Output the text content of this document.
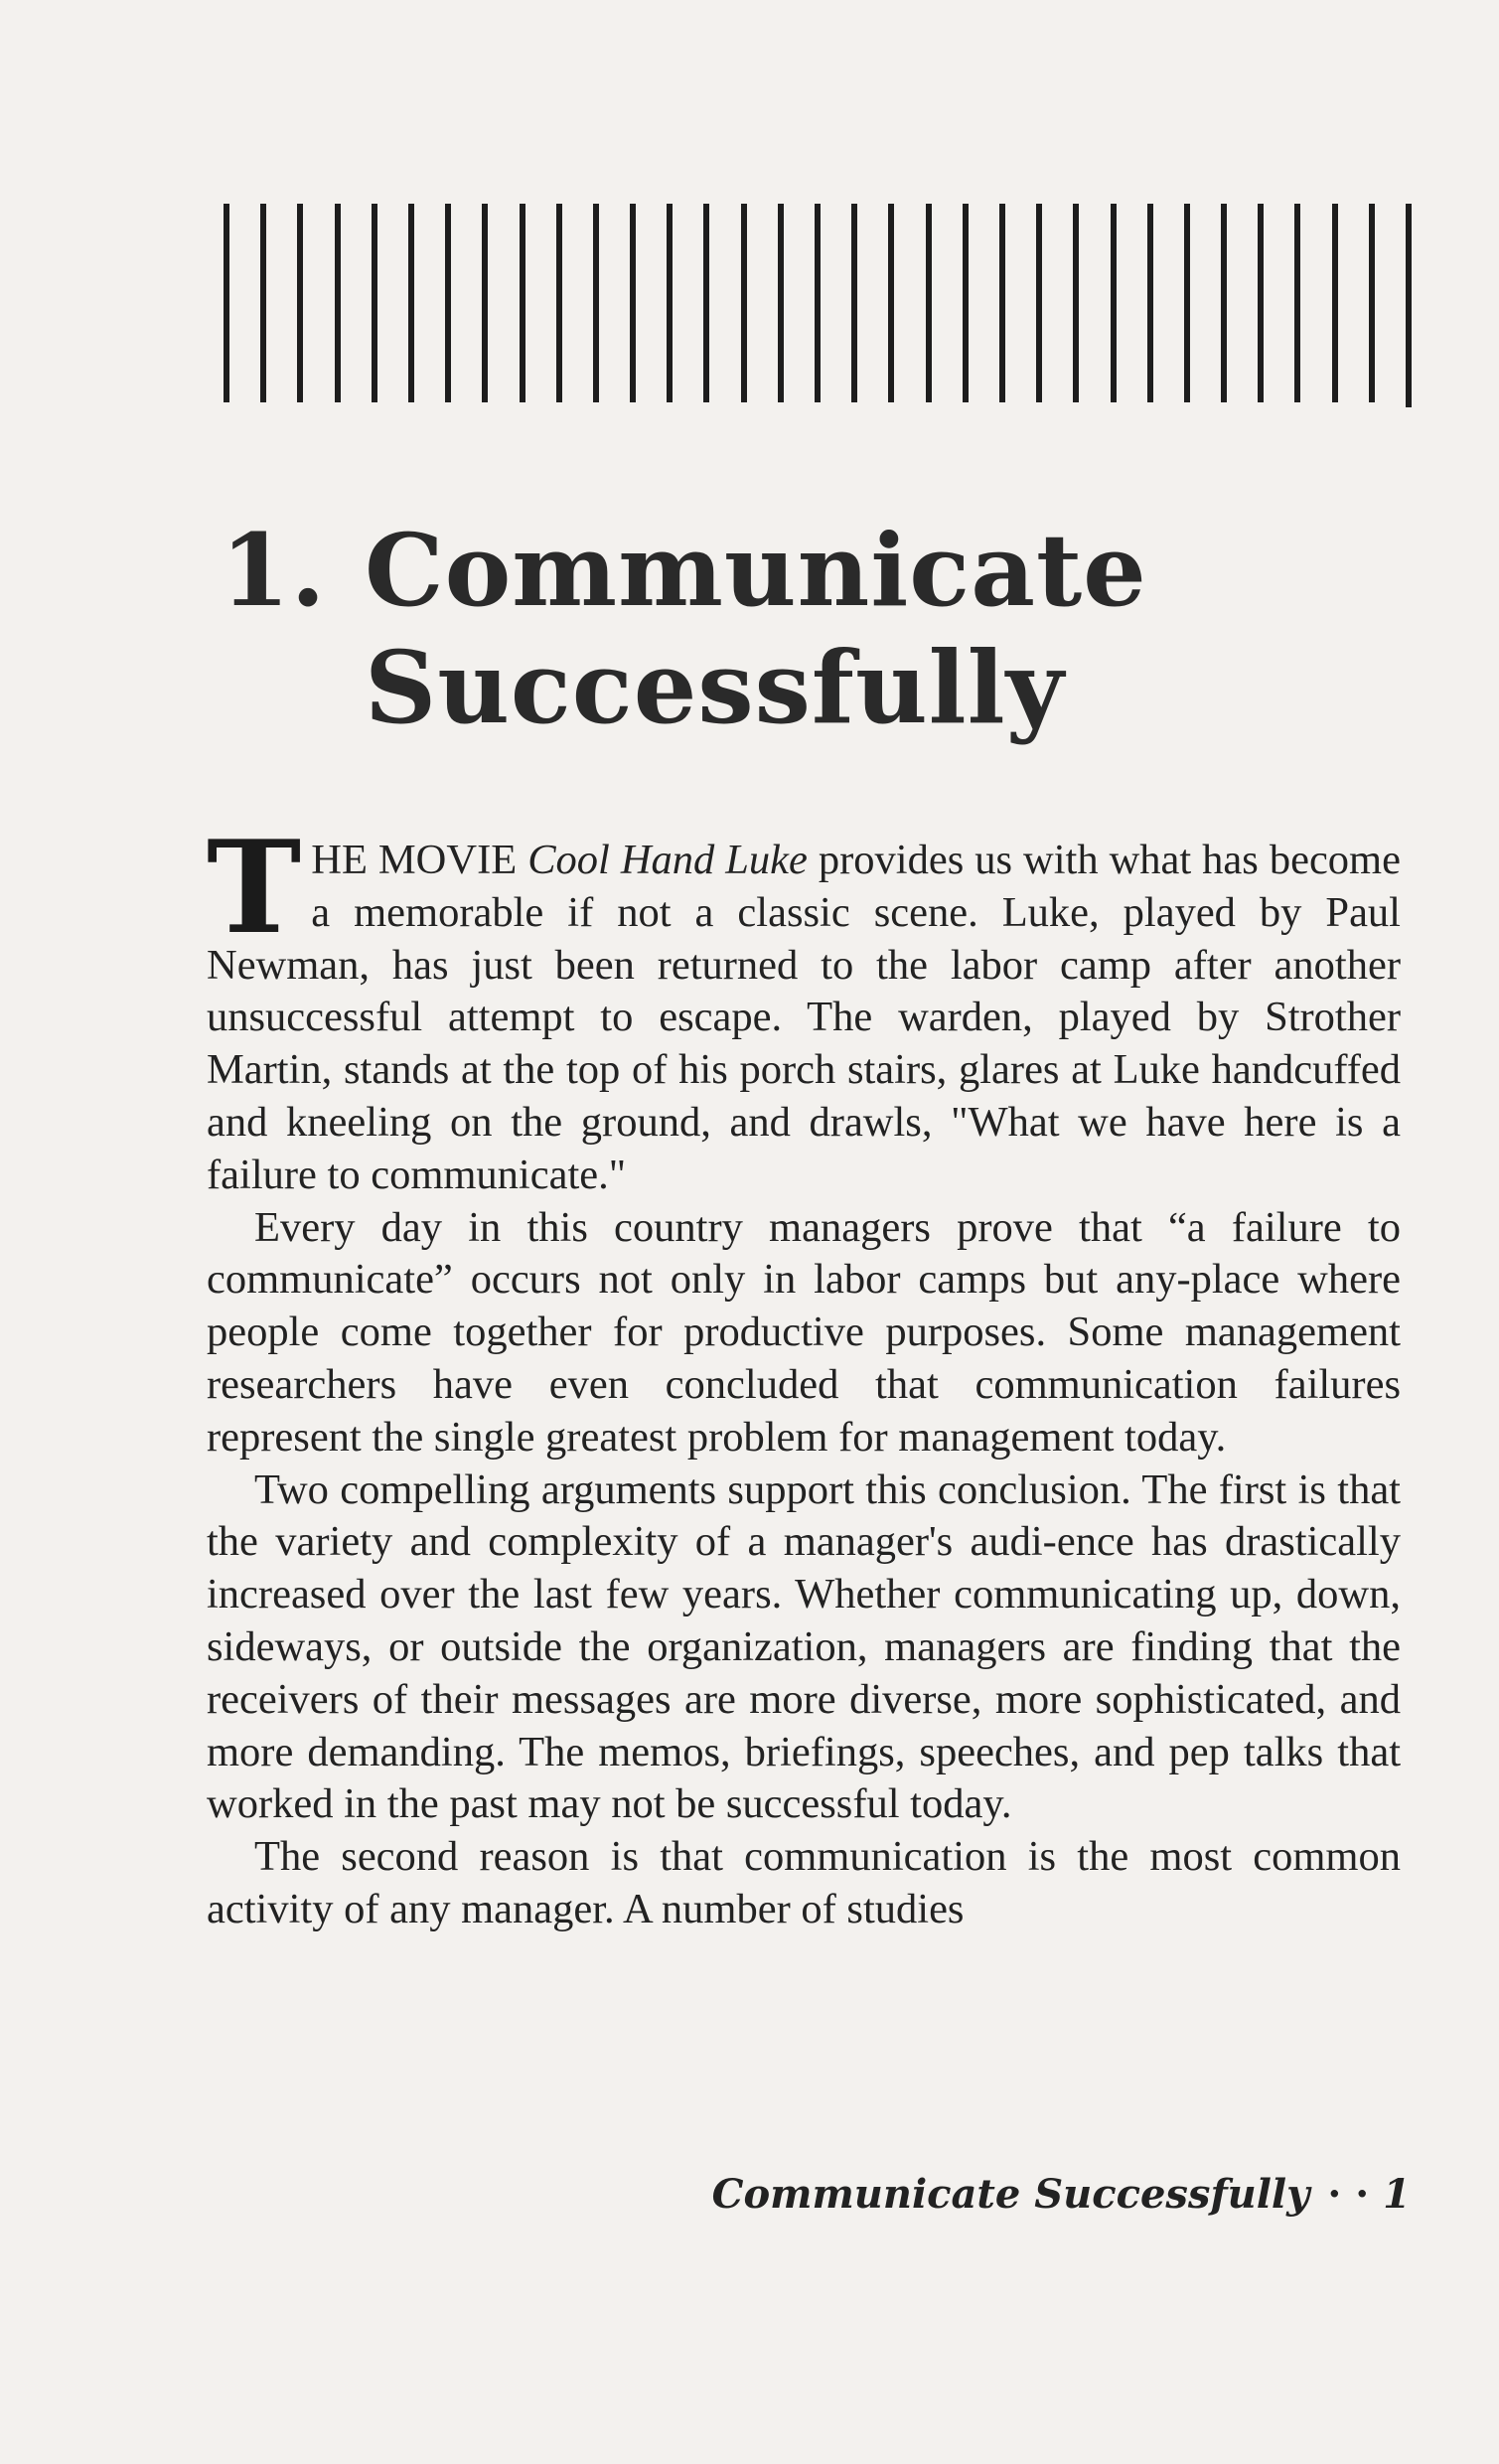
1. Communicate
Successfully

THE MOVIE Cool Hand Luke provides us with what has become a memorable if not a classic scene. Luke, played by Paul Newman, has just been returned to the labor camp after another unsuccessful attempt to escape. The warden, played by Strother Martin, stands at the top of his porch stairs, glares at Luke handcuffed and kneeling on the ground, and drawls, "What we have here is a failure to communicate."

Every day in this country managers prove that “a failure to communicate” occurs not only in labor camps but any-place where people come together for productive purposes. Some management researchers have even concluded that communication failures represent the single greatest problem for management today.

Two compelling arguments support this conclusion. The first is that the variety and complexity of a manager's audi-ence has drastically increased over the last few years. Whether communicating up, down, sideways, or outside the organization, managers are finding that the receivers of their messages are more diverse, more sophisticated, and more demanding. The memos, briefings, speeches, and pep talks that worked in the past may not be successful today.

The second reason is that communication is the most common activity of any manager. A number of studies

Communicate Successfully · · 1
